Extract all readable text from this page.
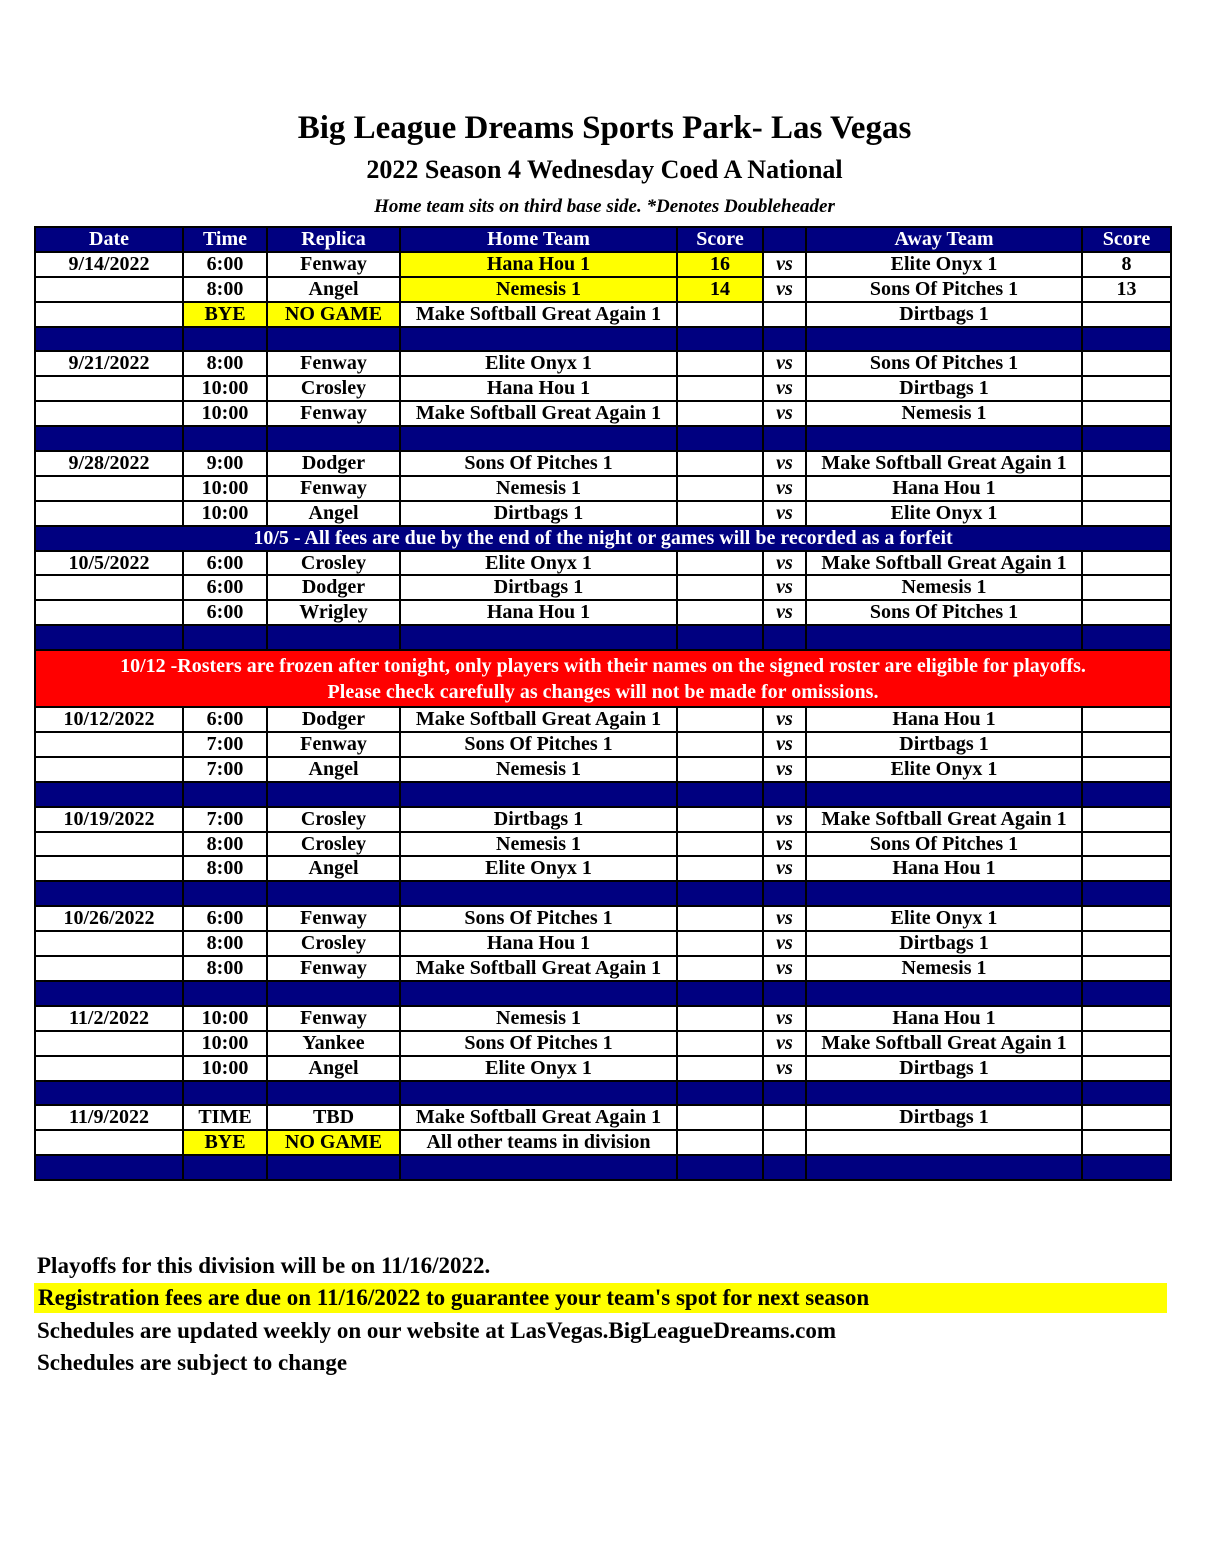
Big League Dreams Sports Park- Las Vegas
2022 Season 4 Wednesday Coed A National
Home team sits on third base side. *Denotes Doubleheader
Date	Time	Replica	Home Team	Score		Away Team	Score
9/14/2022	6:00	Fenway	Hana Hou 1	16	vs	Elite Onyx 1	8
	8:00	Angel	Nemesis 1	14	vs	Sons Of Pitches 1	13
	BYE	NO GAME	Make Softball Great Again 1			Dirtbags 1	

9/21/2022	8:00	Fenway	Elite Onyx 1		vs	Sons Of Pitches 1	
	10:00	Crosley	Hana Hou 1		vs	Dirtbags 1	
	10:00	Fenway	Make Softball Great Again 1		vs	Nemesis 1	

9/28/2022	9:00	Dodger	Sons Of Pitches 1		vs	Make Softball Great Again 1	
	10:00	Fenway	Nemesis 1		vs	Hana Hou 1	
	10:00	Angel	Dirtbags 1		vs	Elite Onyx 1	
10/5 - All fees are due by the end of the night or games will be recorded as a forfeit							
10/5/2022	6:00	Crosley	Elite Onyx 1		vs	Make Softball Great Again 1	
	6:00	Dodger	Dirtbags 1		vs	Nemesis 1	
	6:00	Wrigley	Hana Hou 1		vs	Sons Of Pitches 1	

10/12 -Rosters are frozen after tonight, only players with their names on the signed roster are eligible for playoffs.
Please check carefully as changes will not be made for omissions.							

10/12/2022	6:00	Dodger	Make Softball Great Again 1		vs	Hana Hou 1	
	7:00	Fenway	Sons Of Pitches 1		vs	Dirtbags 1	
	7:00	Angel	Nemesis 1		vs	Elite Onyx 1	

10/19/2022	7:00	Crosley	Dirtbags 1		vs	Make Softball Great Again 1	
	8:00	Crosley	Nemesis 1		vs	Sons Of Pitches 1	
	8:00	Angel	Elite Onyx 1		vs	Hana Hou 1	

10/26/2022	6:00	Fenway	Sons Of Pitches 1		vs	Elite Onyx 1	
	8:00	Crosley	Hana Hou 1		vs	Dirtbags 1	
	8:00	Fenway	Make Softball Great Again 1		vs	Nemesis 1	

11/2/2022	10:00	Fenway	Nemesis 1		vs	Hana Hou 1	
	10:00	Yankee	Sons Of Pitches 1		vs	Make Softball Great Again 1	
	10:00	Angel	Elite Onyx 1		vs	Dirtbags 1	

11/9/2022	TIME	TBD	Make Softball Great Again 1			Dirtbags 1	
	BYE	NO GAME	All other teams in division				

Playoffs for this division will be on 11/16/2022.
Registration fees are due on 11/16/2022 to guarantee your team's spot for next season
Schedules are updated weekly on our website at LasVegas.BigLeagueDreams.com
Schedules are subject to change
